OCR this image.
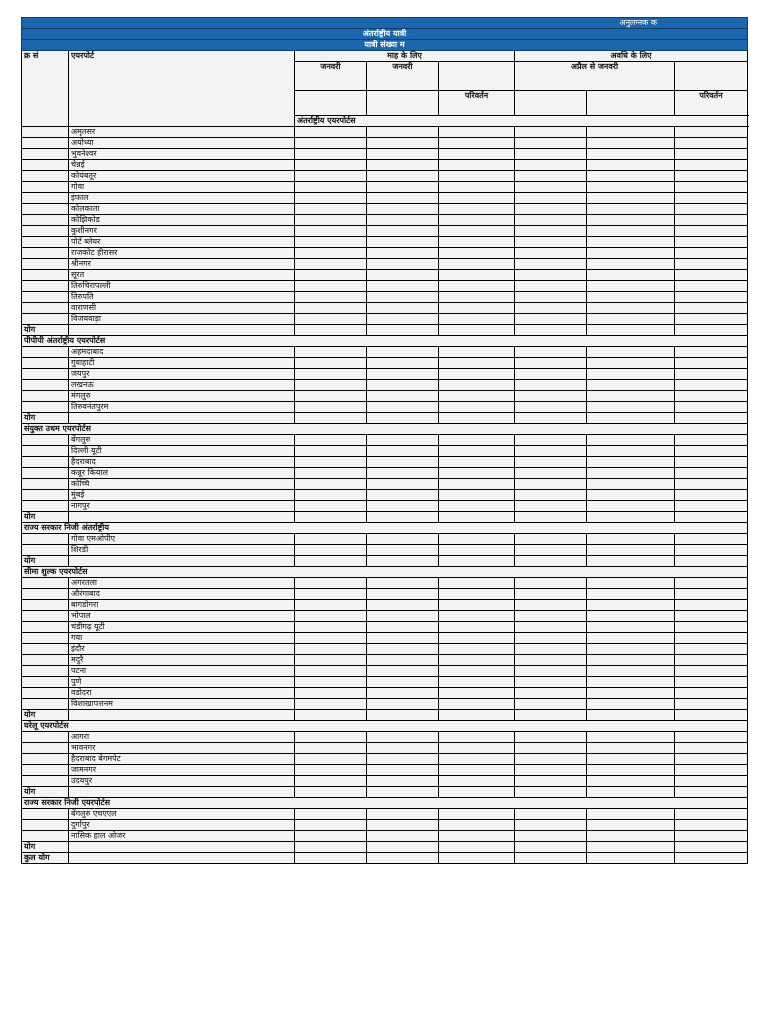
अनुलग्नक क							
अंतर्राष्ट्रीय यात्री							
यात्री संख्या म							
क्र सं	एयरपोर्ट	माह के लिए			अवधि के लिए		
		जनवरी	जनवरी		अप्रैल से जनवरी		
				परिवर्तन			परिवर्तन
		अंतर्राष्ट्रीय एयरपोर्टस					
	अमृतसर						
	अयोध्या						
	भुवनेश्वर						
	चेन्नई						
	कोयंबतूर						
	गोवा						
	इंफाल						
	कोलकाता						
	कोझिकोड						
	कुशीनगर						
	पोर्ट ब्लेयर						
	राजकोट हीरासर						
	श्रीनगर						
	सूरत						
	तिरुचिरापल्ली						
	तिरुपति						
	वाराणसी						
	विजयवाड़ा						
योग							
पीपीपी अंतर्राष्ट्रीय एयरपोर्टस							
	अहमदाबाद						
	गुवाहाटी						
	जयपुर						
	लखनऊ						
	मंगलुरु						
	तिरुवनंतपुरम						
योग							
संयुक्त उधम एयरपोर्टस							
	बेंगलुरु						
	दिल्ली यूटी						
	हैदराबाद						
	कन्नूर कियाल						
	कोच्चि						
	मुंबई						
	नागपुर						
योग							
राज्य सरकार निजी अंतर्राष्ट्रीय							
	गोवा एमओपीए						
	शिरडी						
योग							
सीमा शुल्क एयरपोर्टस							
	अगरतला						
	औरंगाबाद						
	बागडोगरा						
	भोपाल						
	चंडीगढ़ यूटी						
	गया						
	इंदौर						
	मदुरै						
	पटना						
	पुणे						
	वडोदरा						
	विशाखापत्तनम						
योग							
घरेलू एयरपोर्टस							
	आगरा						
	भावनगर						
	हैदराबाद बेगमपेट						
	जामनगर						
	उदयपुर						
योग							
राज्य सरकार निजी एयरपोर्टस							
	बेंगलुरु एचएएल						
	दुर्गापुर						
	नासिक हाल ओजर						
योग							
कुल योग							
